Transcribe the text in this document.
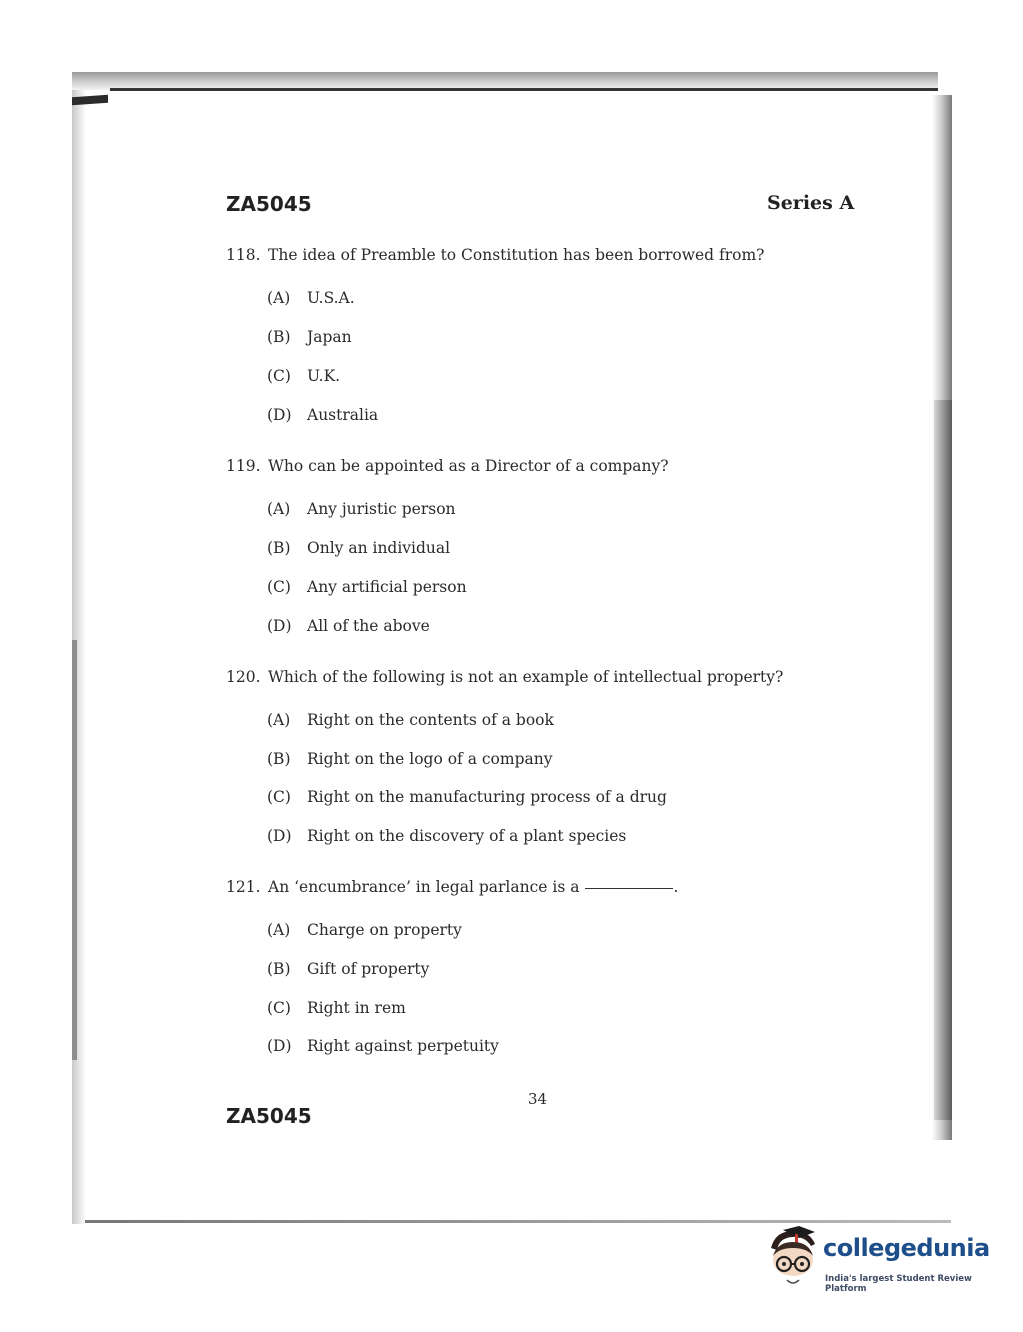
ZA5045	Series A
118. The idea of Preamble to Constitution has been borrowed from?
(A) U.S.A.
(B) Japan
(C) U.K.
(D) Australia
119. Who can be appointed as a Director of a company?
(A) Any juristic person
(B) Only an individual
(C) Any artificial person
(D) All of the above
120. Which of the following is not an example of intellectual property?
(A) Right on the contents of a book
(B) Right on the logo of a company
(C) Right on the manufacturing process of a drug
(D) Right on the discovery of a plant species
121. An ‘encumbrance’ in legal parlance is a	.
(A) Charge on property
(B) Gift of property
(C) Right in rem
(D) Right against perpetuity
34
ZA5045
collegedunia
India's largest Student Review Platform
